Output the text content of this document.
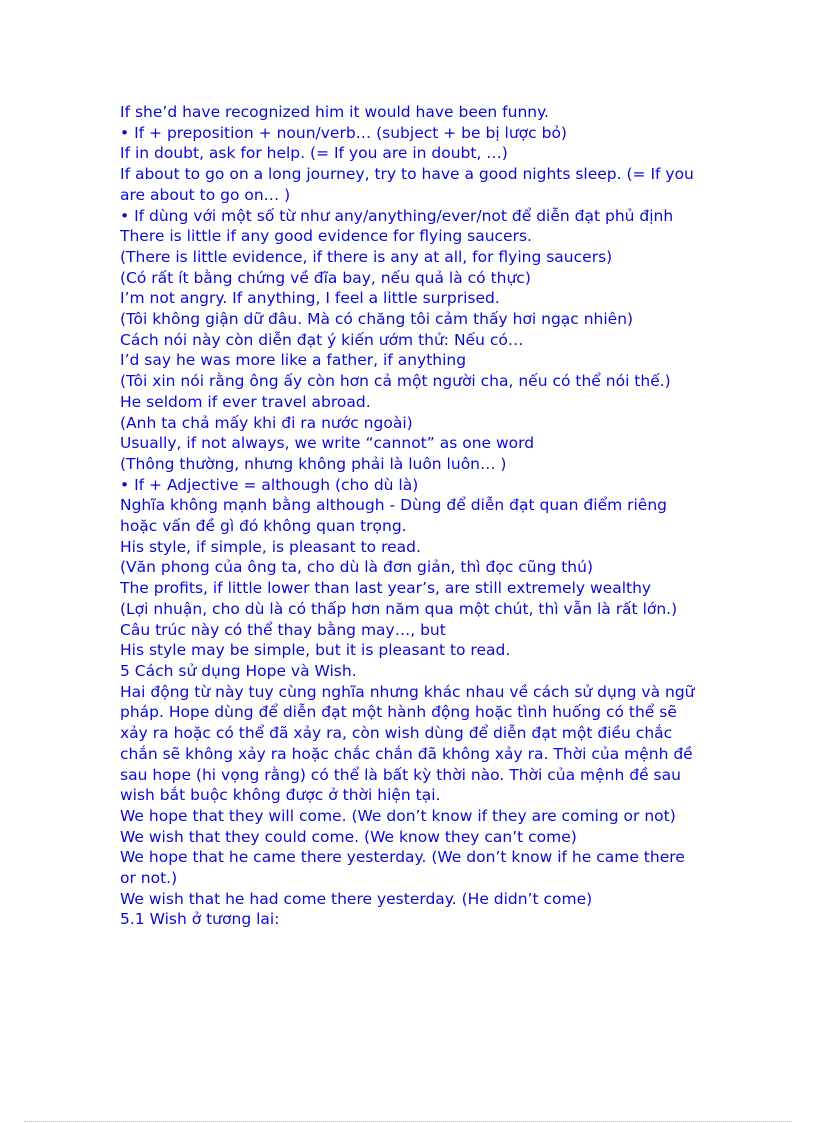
If she’d have recognized him it would have been funny.

• If + preposition + noun/verb… (subject + be bị lược bỏ)

If in doubt, ask for help. (= If you are in doubt, …)

If about to go on a long journey, try to have a good nights sleep. (= If you are about to go on… )

• If dùng với một số từ như any/anything/ever/not để diễn đạt phủ định

There is little if any good evidence for flying saucers.

(There is little evidence, if there is any at all, for flying saucers)

(Có rất ít bằng chứng về đĩa bay, nếu quả là có thực)

I’m not angry. If anything, I feel a little surprised.

(Tôi không giận dữ đâu. Mà có chăng tôi cảm thấy hơi ngạc nhiên)

Cách nói này còn diễn đạt ý kiến ướm thử: Nếu có…

I’d say he was more like a father, if anything

(Tôi xin nói rằng ông ấy còn hơn cả một người cha, nếu có thể nói thế.)

He seldom if ever travel abroad.

(Anh ta chả mấy khi đi ra nước ngoài)

Usually, if not always, we write “cannot” as one word

(Thông thường, nhưng không phải là luôn luôn… )

• If + Adjective = although (cho dù là)

Nghĩa không mạnh bằng although - Dùng để diễn đạt quan điểm riêng hoặc vấn đề gì đó không quan trọng.

His style, if simple, is pleasant to read.

(Văn phong của ông ta, cho dù là đơn giản, thì đọc cũng thú)

The profits, if little lower than last year’s, are still extremely wealthy

(Lợi nhuận, cho dù là có thấp hơn năm qua một chút, thì vẫn là rất lớn.)

Câu trúc này có thể thay bằng may…, but

His style may be simple, but it is pleasant to read.

5 Cách sử dụng Hope và Wish.

Hai động từ này tuy cùng nghĩa nhưng khác nhau về cách sử dụng và ngữ pháp. Hope dùng để diễn đạt một hành động hoặc tình huống có thể sẽ xảy ra hoặc có thể đã xảy ra, còn wish dùng để diễn đạt một điều chắc chắn sẽ không xảy ra hoặc chắc chắn đã không xảy ra. Thời của mệnh đề sau hope (hi vọng rằng) có thể là bất kỳ thời nào. Thời của mệnh đề sau wish bắt buộc không được ở thời hiện tại.

We hope that they will come. (We don’t know if they are coming or not)

We wish that they could come. (We know they can’t come)

We hope that he came there yesterday. (We don’t know if he came there or not.)

We wish that he had come there yesterday. (He didn’t come)

5.1 Wish ở tương lai:
